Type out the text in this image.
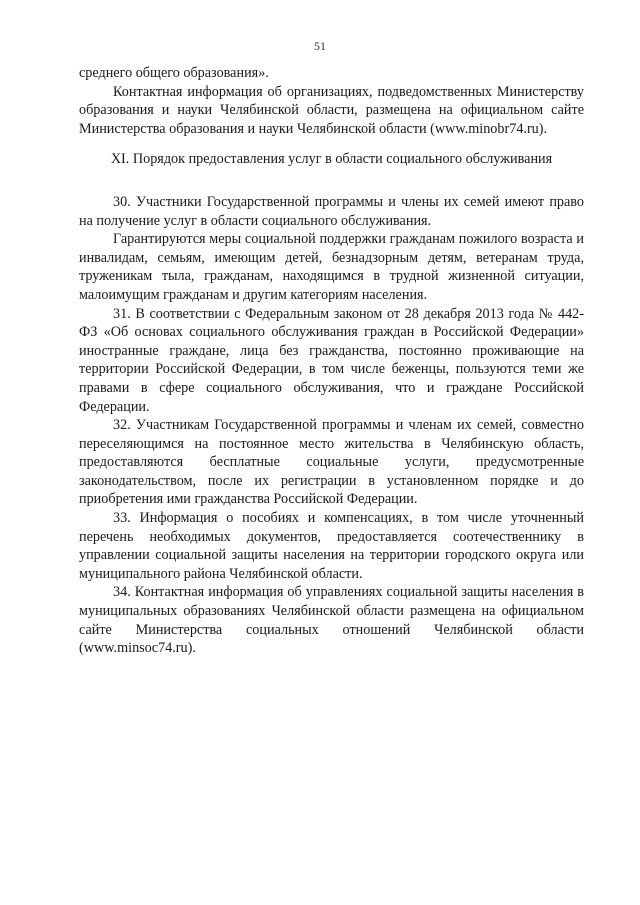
51

среднего общего образования».

Контактная информация об организациях, подведомственных Министерству образования и науки Челябинской области, размещена на официальном сайте Министерства образования и науки Челябинской области (www.minobr74.ru).

XI. Порядок предоставления услуг в области социального обслуживания

30. Участники Государственной программы и члены их семей имеют право на получение услуг в области социального обслуживания.

Гарантируются меры социальной поддержки гражданам пожилого возраста и инвалидам, семьям, имеющим детей, безнадзорным детям, ветеранам труда, труженикам тыла, гражданам, находящимся в трудной жизненной ситуации, малоимущим гражданам и другим категориям населения.

31. В соответствии с Федеральным законом от 28 декабря 2013 года № 442-ФЗ «Об основах социального обслуживания граждан в Российской Федерации» иностранные граждане, лица без гражданства, постоянно проживающие на территории Российской Федерации, в том числе беженцы, пользуются теми же правами в сфере социального обслуживания, что и граждане Российской Федерации.

32. Участникам Государственной программы и членам их семей, совместно переселяющимся на постоянное место жительства в Челябинскую область, предоставляются бесплатные социальные услуги, предусмотренные законодательством, после их регистрации в установленном порядке и до приобретения ими гражданства Российской Федерации.

33. Информация о пособиях и компенсациях, в том числе уточненный перечень необходимых документов, предоставляется соотечественнику в управлении социальной защиты населения на территории городского округа или муниципального района Челябинской области.

34. Контактная информация об управлениях социальной защиты населения в муниципальных образованиях Челябинской области размещена на официальном сайте Министерства социальных отношений Челябинской области (www.minsoc74.ru).
